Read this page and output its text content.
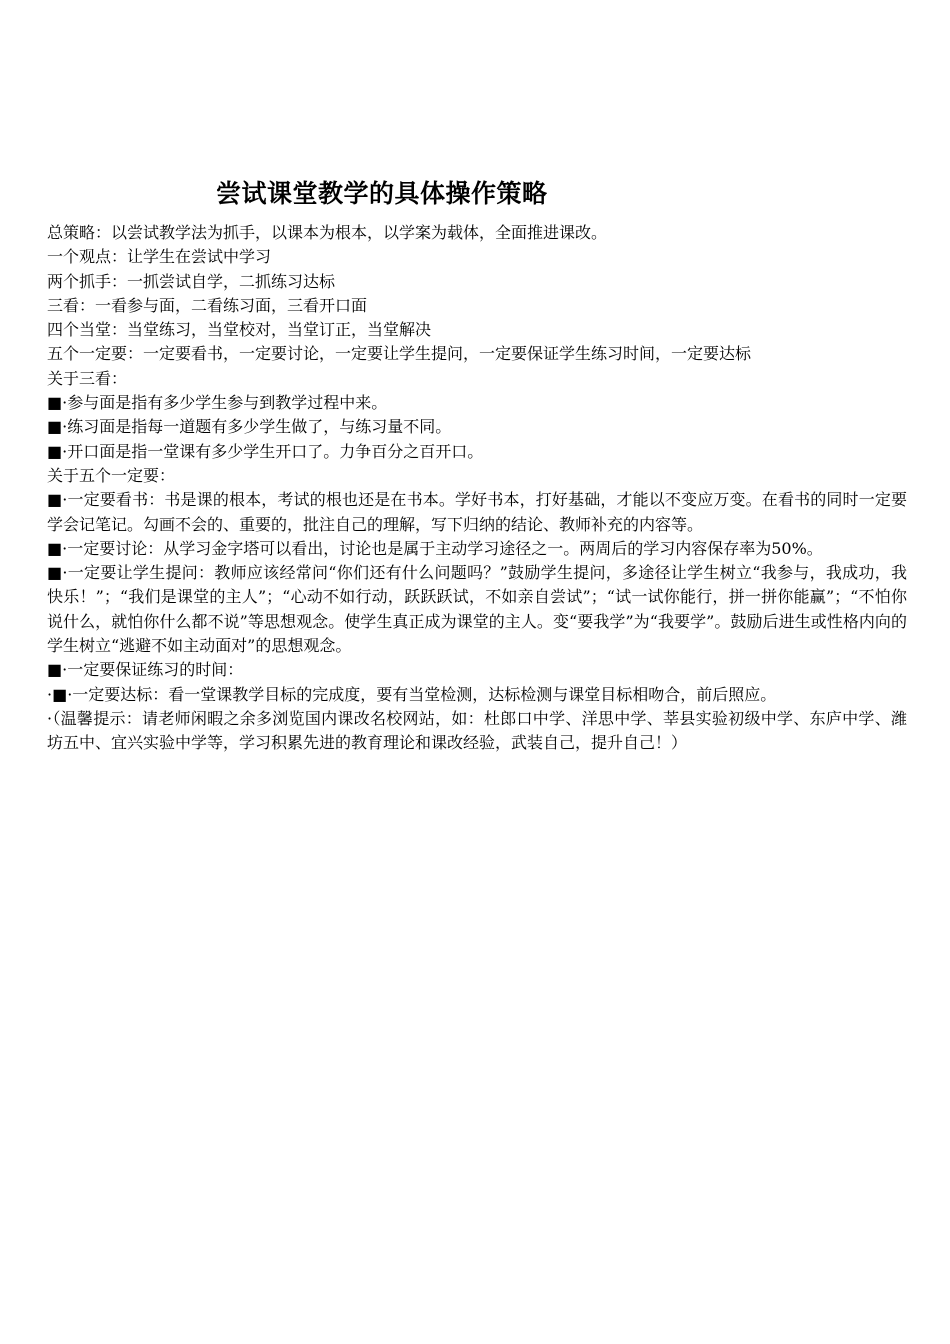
尝试课堂教学的具体操作策略
总策略：以尝试教学法为抓手，以课本为根本，以学案为载体，全面推进课改。
一个观点：让学生在尝试中学习
两个抓手：一抓尝试自学，二抓练习达标
三看：一看参与面，二看练习面，三看开口面
四个当堂：当堂练习，当堂校对，当堂订正，当堂解决
五个一定要：一定要看书，一定要讨论，一定要让学生提问，一定要保证学生练习时间，一定要达标
关于三看：
■·参与面是指有多少学生参与到教学过程中来。
■·练习面是指每一道题有多少学生做了，与练习量不同。
■·开口面是指一堂课有多少学生开口了。力争百分之百开口。
关于五个一定要：

■·一定要看书：书是课的根本，考试的根也还是在书本。学好书本，打好基础，才能以不变应万变。在看书的同时一定要学会记笔记。勾画不会的、重要的，批注自己的理解，写下归纳的结论、教师补充的内容等。

■·一定要讨论：从学习金字塔可以看出，讨论也是属于主动学习途径之一。两周后的学习内容保存率为50%。

■·一定要让学生提问：教师应该经常问“你们还有什么问题吗？”鼓励学生提问，多途径让学生树立“我参与，我成功，我快乐！”；“我们是课堂的主人”；“心动不如行动，跃跃跃试，不如亲自尝试”；“试一试你能行，拼一拼你能赢”；“不怕你说什么，就怕你什么都不说”等思想观念。使学生真正成为课堂的主人。变“要我学”为“我要学”。鼓励后进生或性格内向的学生树立“逃避不如主动面对”的思想观念。

■·一定要保证练习的时间：

·■·一定要达标：看一堂课教学目标的完成度，要有当堂检测，达标检测与课堂目标相吻合，前后照应。

·（温馨提示：请老师闲暇之余多浏览国内课改名校网站，如：杜郎口中学、洋思中学、莘县实验初级中学、东庐中学、潍坊五中、宜兴实验中学等，学习积累先进的教育理论和课改经验，武装自己，提升自己！）
